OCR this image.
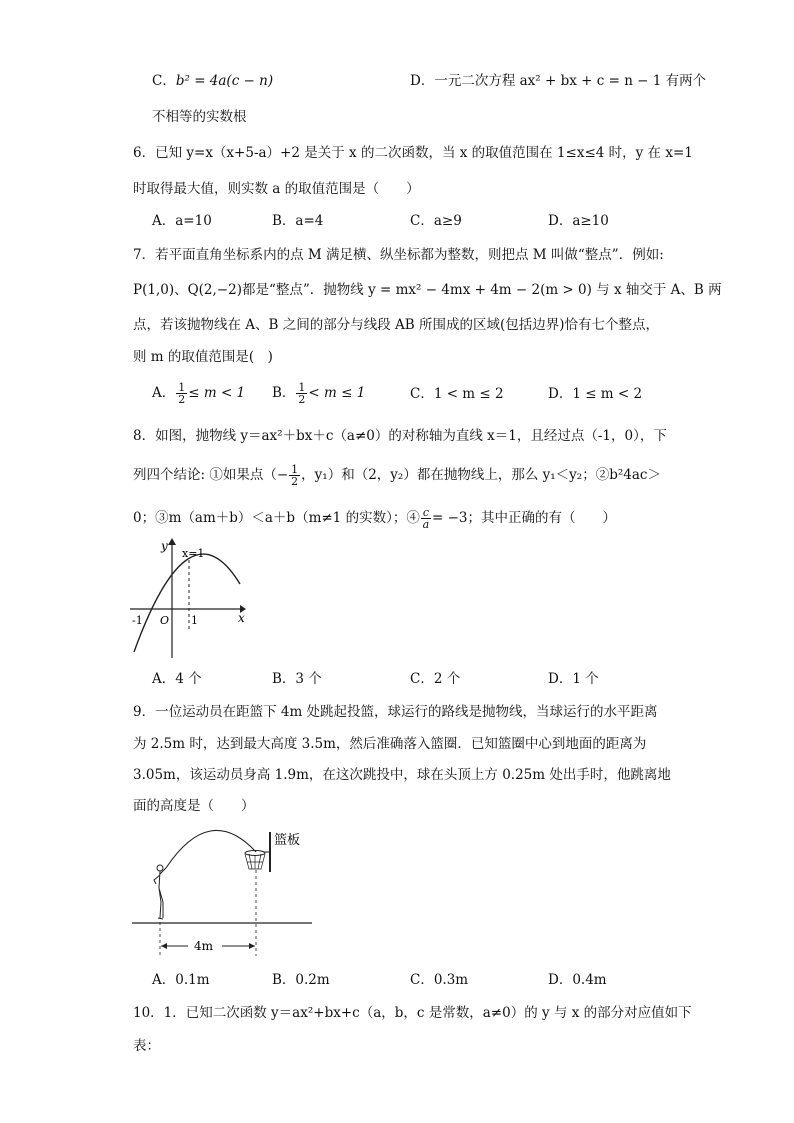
C．b² = 4a(c − n)	D．一元二次方程 ax² + bx + c = n − 1 有两个
不相等的实数根
6．已知 y=x（x+5-a）+2 是关于 x 的二次函数，当 x 的取值范围在 1≤x≤4 时，y 在 x=1
时取得最大值，则实数 a 的取值范围是（　　）
A．a=10	B．a=4	C．a≥9	D．a≥10
7．若平面直角坐标系内的点 M 满足横、纵坐标都为整数，则把点 M 叫做“整点”．例如:
P(1,0)、Q(2,−2)都是“整点”．抛物线 y = mx² − 4mx + 4m − 2(m > 0) 与 x 轴交于 A、B 两
点，若该抛物线在 A、B 之间的部分与线段 AB 所围成的区域(包括边界)恰有七个整点，
则 m 的取值范围是(　)
A． $\frac{1}{2} \le m < 1$ B． $\frac{1}{2} < m \le 1$	C．1 < m ≤ 2	D．1 ≤ m < 2
8．如图，抛物线 y＝ax²＋bx＋c（a≠0）的对称轴为直线 x＝1，且经过点（-1，0），下
列四个结论: ①如果点（− $\frac{1}{2}$ ，y₁）和（2，y₂）都在抛物线上，那么 y₁＜y₂；②b²4ac＞
0；③m（am＋b）＜a＋b（m≠1 的实数）；④ $\frac{c}{a} = -3$；其中正确的有（　　）
y
x
x=1
-1 O 1
A．4 个	B．3 个	C．2 个	D．1 个
9．一位运动员在距篮下 4m 处跳起投篮，球运行的路线是抛物线，当球运行的水平距离
为 2.5m 时，达到最大高度 3.5m，然后准确落入篮圈．已知篮圈中心到地面的距离为
3.05m，该运动员身高 1.9m，在这次跳投中，球在头顶上方 0.25m 处出手时，他跳离地
面的高度是（　　）
4m
篮板
A．0.1m	B．0.2m	C．0.3m	D．0.4m
10．1．已知二次函数 y＝ax²+bx+c（a，b，c 是常数，a≠0）的 y 与 x 的部分对应值如下
表：
